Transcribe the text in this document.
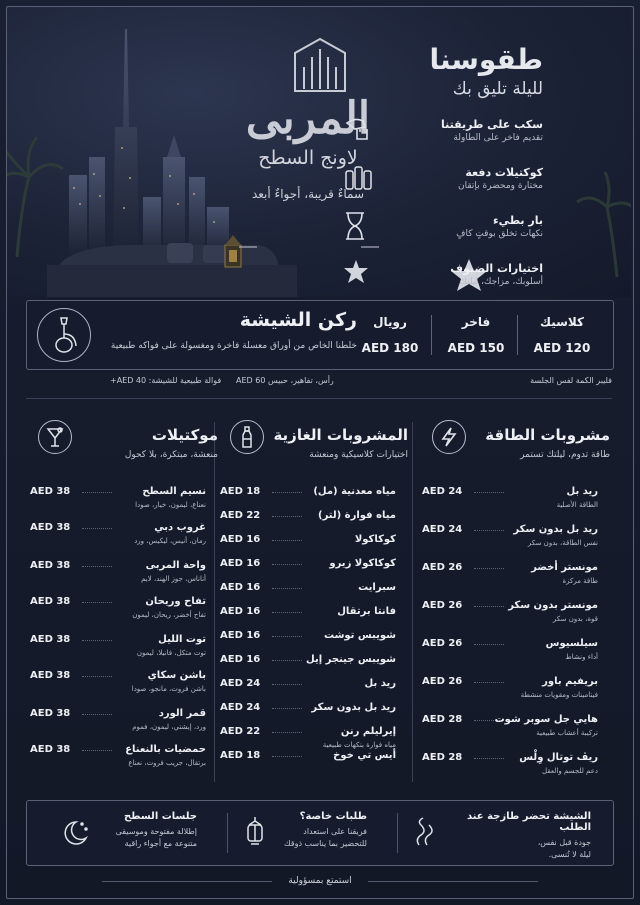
المربى
لاونج السطح
سماءٌ قريبة، أجواءٌ أبعد
طقوسنا
لليلة تليق بك
سكب على طريقتنا
تقديم فاخر على الطاولة
كوكتيلات دفعة
مختارة ومحضرة بإتقان
بار بطيء
نكهات تخلق بوقتٍ كافٍ
اختيارات الضيوف
أسلوبك، مزاجك، ليلتك
ركن الشيشة
خلطنا الخاص من أوراق معسلة فاخرة ومغسولة على فواكه طبيعية
رويال
AED 180
فاخر
AED 150
كلاسيك
AED 120
فليبر الكمة لفس الجلسة
رأس، تفاهير، حبيس AED 60
فوالة طبيعية للشيشة: AED 40+
مشروبات الطاقة
طاقة تدوم، ليلتك تستمر
AED 24	ريد بل
الطاقة الأصلية
AED 24	ريد بل بدون سكر
نفس الطاقة، بدون سكر
AED 26	مونستر أخضر
طاقة مركزة
AED 26	مونستر بدون سكر
قوة، بدون سكر
AED 26	سيلسيوس
أداء ونشاط
AED 26	بريفيم باور
فيتامينات ومقويات منشطة
AED 28	هايي جل سوبر شوت
تركيبة أعشاب طبيعية
AED 28	ريڤ توتال وِلْس
دعم للجسم والعقل
المشروبات الغازية
اختيارات كلاسيكية ومنعشة
AED 18	مياه معدنية (مل)
AED 22	مياه فوارة (لتر)
AED 16	كوكاكولا
AED 16	كوكاكولا زيرو
AED 16	سبرايت
AED 16	فانتا برتقال
AED 16	شويبس توشت
AED 16	شويبس جينجر إيل
AED 24	ريد بل
AED 24	ريد بل بدون سكر
AED 22	إيرليلم رنن
مياه فوارة بنكهات طبيعية
AED 18	أيس تي خوخ
موكتيلات
منعشة، مبتكرة، بلا كحول
AED 38	نسيم السطح
نعناع، ليمون، خيار، صودا
AED 38	غروب دبي
رمان، أنيس، ليكيس، ورد
AED 38	واحة المربى
أناناس، جوز الهند، لايم
AED 38	تفاح وريحان
تفاح أخضر، ريحان، ليمون
AED 38	توت الليل
توت متكل، فانيلا، ليمون
AED 38	باشن سكاي
باشن فروت، مانجو، صودا
AED 38	قمر الورد
ورد، إيشتي، ليمون، فموم
AED 38	حمضيات بالنعناع
برتقال، جريب فروت، نعناع
الشيشة تحضر طازجة عند الطلب
جودة قبل نفس،
ليلة لا تُنسى.
طلبات خاصة؟
فريقنا على استعداد
للتحضير بما يناسب ذوقك
جلسات السطح
إطلالة مفتوحة وموسيقى
متنوعة مع أجواء راقية
استمتع بمسؤولية
